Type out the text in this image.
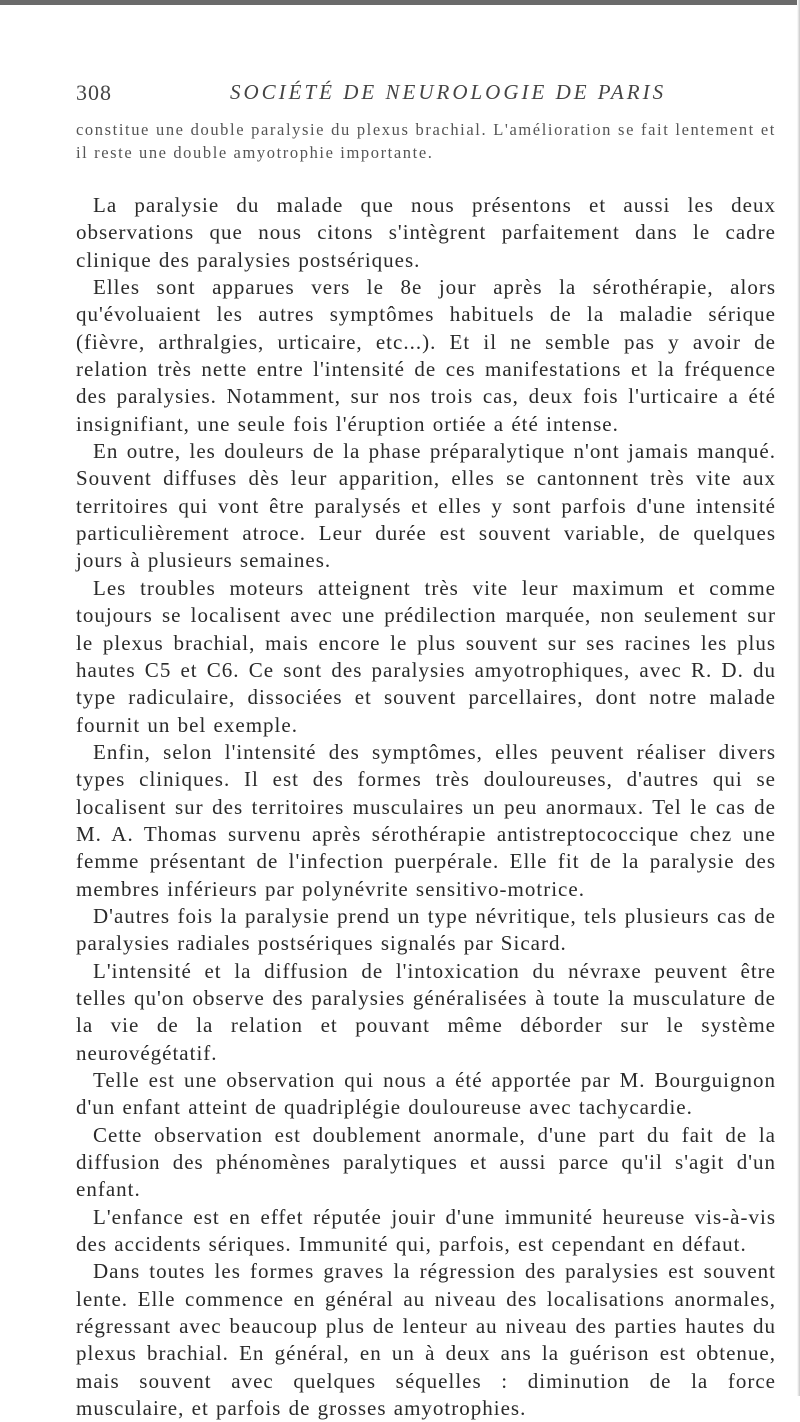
308	SOCIÉTÉ DE NEUROLOGIE DE PARIS

constitue une double paralysie du plexus brachial. L'amélioration se fait lentement et il reste une double amyotrophie importante.

La paralysie du malade que nous présentons et aussi les deux observations que nous citons s'intègrent parfaitement dans le cadre clinique des paralysies postsériques.

Elles sont apparues vers le 8e jour après la sérothérapie, alors qu'évoluaient les autres symptômes habituels de la maladie sérique (fièvre, arthralgies, urticaire, etc...). Et il ne semble pas y avoir de relation très nette entre l'intensité de ces manifestations et la fréquence des paralysies. Notamment, sur nos trois cas, deux fois l'urticaire a été insignifiant, une seule fois l'éruption ortiée a été intense.

En outre, les douleurs de la phase préparalytique n'ont jamais manqué. Souvent diffuses dès leur apparition, elles se cantonnent très vite aux territoires qui vont être paralysés et elles y sont parfois d'une intensité particulièrement atroce. Leur durée est souvent variable, de quelques jours à plusieurs semaines.

Les troubles moteurs atteignent très vite leur maximum et comme toujours se localisent avec une prédilection marquée, non seulement sur le plexus brachial, mais encore le plus souvent sur ses racines les plus hautes C5 et C6. Ce sont des paralysies amyotrophiques, avec R. D. du type radiculaire, dissociées et souvent parcellaires, dont notre malade fournit un bel exemple.

Enfin, selon l'intensité des symptômes, elles peuvent réaliser divers types cliniques. Il est des formes très douloureuses, d'autres qui se localisent sur des territoires musculaires un peu anormaux. Tel le cas de M. A. Thomas survenu après sérothérapie antistreptococcique chez une femme présentant de l'infection puerpérale. Elle fit de la paralysie des membres inférieurs par polynévrite sensitivo-motrice.

D'autres fois la paralysie prend un type névritique, tels plusieurs cas de paralysies radiales postsériques signalés par Sicard.

L'intensité et la diffusion de l'intoxication du névraxe peuvent être telles qu'on observe des paralysies généralisées à toute la musculature de la vie de la relation et pouvant même déborder sur le système neurovégétatif.

Telle est une observation qui nous a été apportée par M. Bourguignon d'un enfant atteint de quadriplégie douloureuse avec tachycardie.

Cette observation est doublement anormale, d'une part du fait de la diffusion des phénomènes paralytiques et aussi parce qu'il s'agit d'un enfant.

L'enfance est en effet réputée jouir d'une immunité heureuse vis-à-vis des accidents sériques. Immunité qui, parfois, est cependant en défaut.

Dans toutes les formes graves la régression des paralysies est souvent lente. Elle commence en général au niveau des localisations anormales, régressant avec beaucoup plus de lenteur au niveau des parties hautes du plexus brachial. En général, en un à deux ans la guérison est obtenue, mais souvent avec quelques séquelles : diminution de la force musculaire, et parfois de grosses amyotrophies.
